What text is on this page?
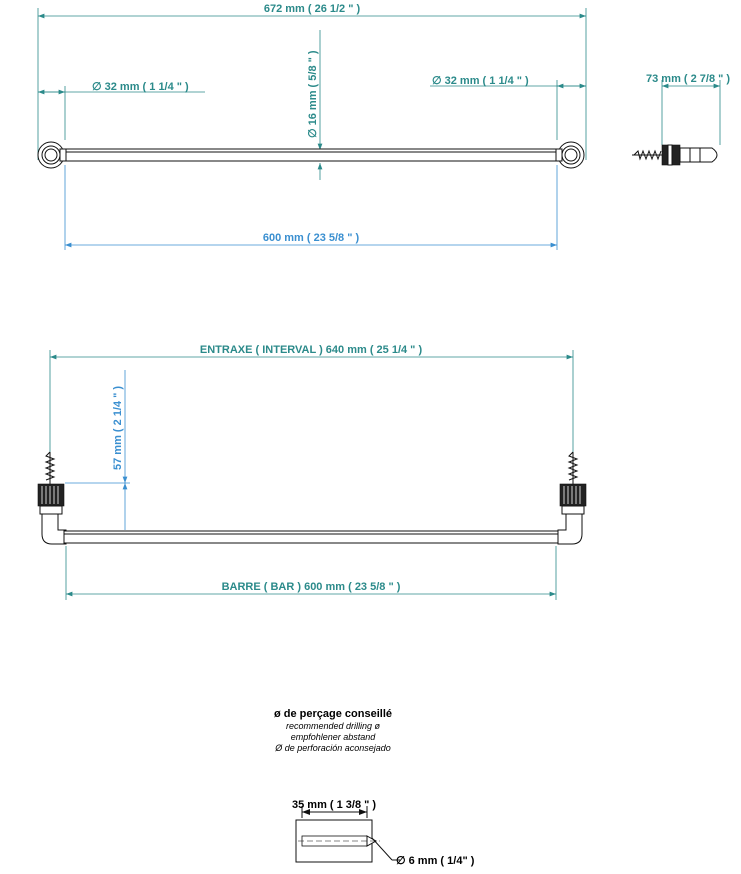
672 mm ( 26 1/2 " )
∅ 32 mm ( 1 1/4 " )	∅ 32 mm ( 1 1/4 " )
∅ 16 mm ( 5/8 " )
600 mm ( 23 5/8 " )
73 mm ( 2 7/8 " )
ENTRAXE ( INTERVAL ) 640 mm ( 25 1/4 " )
57 mm ( 2 1/4 " )
BARRE ( BAR ) 600 mm ( 23 5/8 " )
ø de perçage conseillé
recommended drilling ø
empfohlener abstand
Ø de perforación aconsejado
35 mm ( 1 3/8 " )
∅ 6 mm ( 1/4" )
